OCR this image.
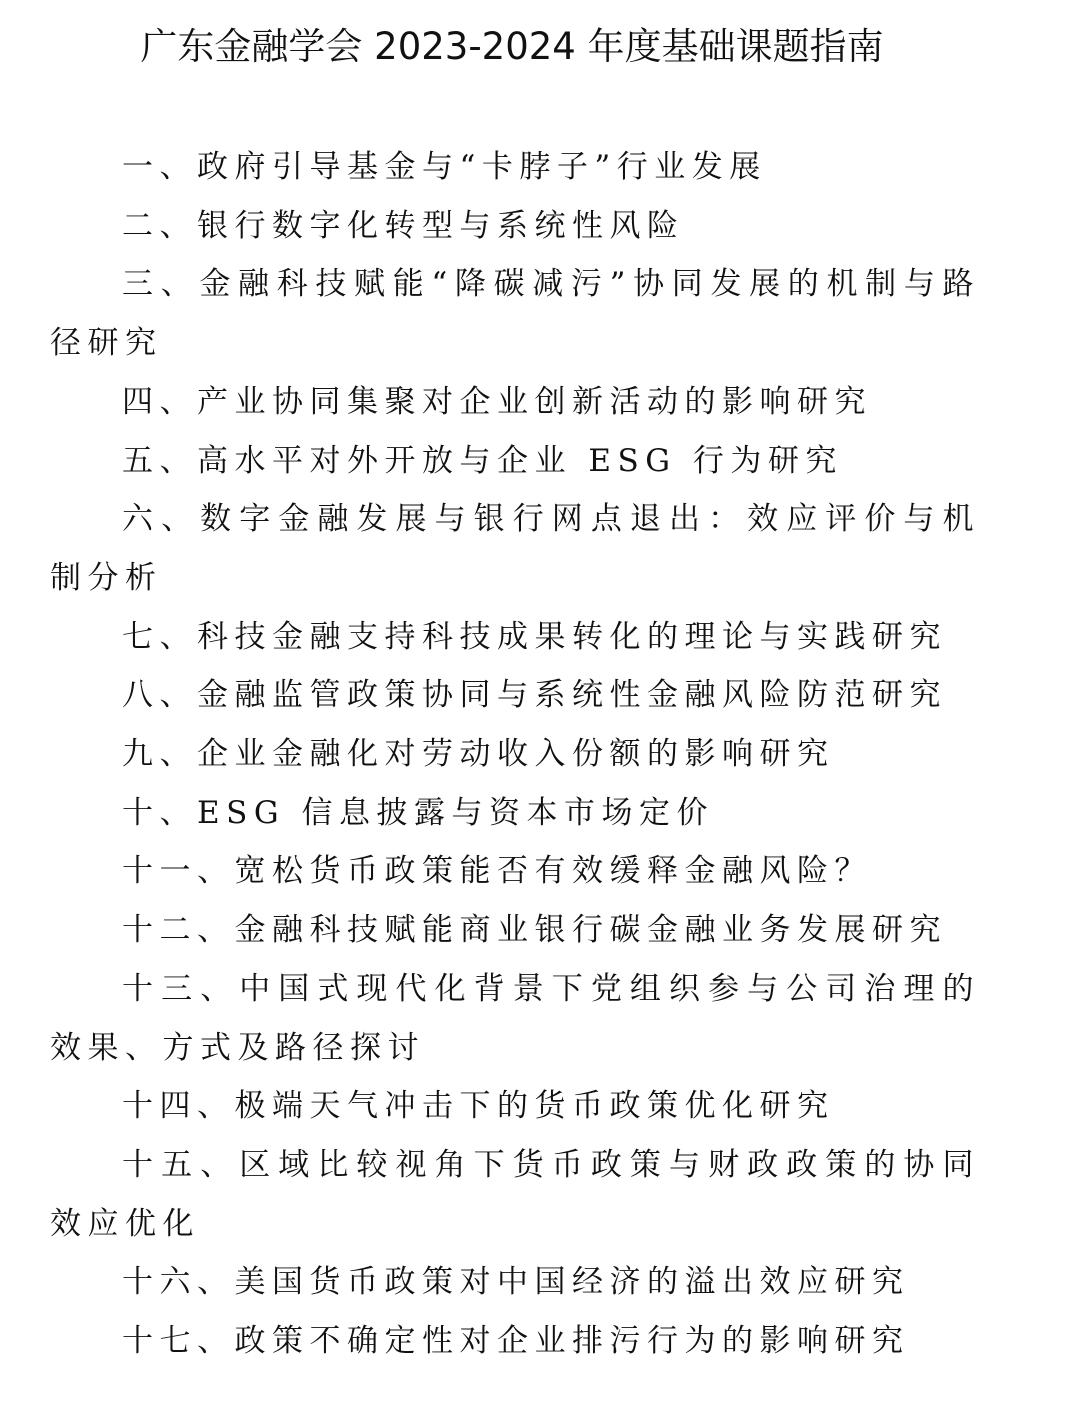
广东金融学会 2023-2024 年度基础课题指南
一、政府引导基金与“卡脖子”行业发展
二、银行数字化转型与系统性风险
三、金融科技赋能“降碳减污”协同发展的机制与路径研究
四、产业协同集聚对企业创新活动的影响研究
五、高水平对外开放与企业 ESG 行为研究
六、数字金融发展与银行网点退出：效应评价与机制分析
七、科技金融支持科技成果转化的理论与实践研究
八、金融监管政策协同与系统性金融风险防范研究
九、企业金融化对劳动收入份额的影响研究
十、ESG 信息披露与资本市场定价
十一、宽松货币政策能否有效缓释金融风险？
十二、金融科技赋能商业银行碳金融业务发展研究
十三、中国式现代化背景下党组织参与公司治理的效果、方式及路径探讨
十四、极端天气冲击下的货币政策优化研究
十五、区域比较视角下货币政策与财政政策的协同效应优化
十六、美国货币政策对中国经济的溢出效应研究
十七、政策不确定性对企业排污行为的影响研究
